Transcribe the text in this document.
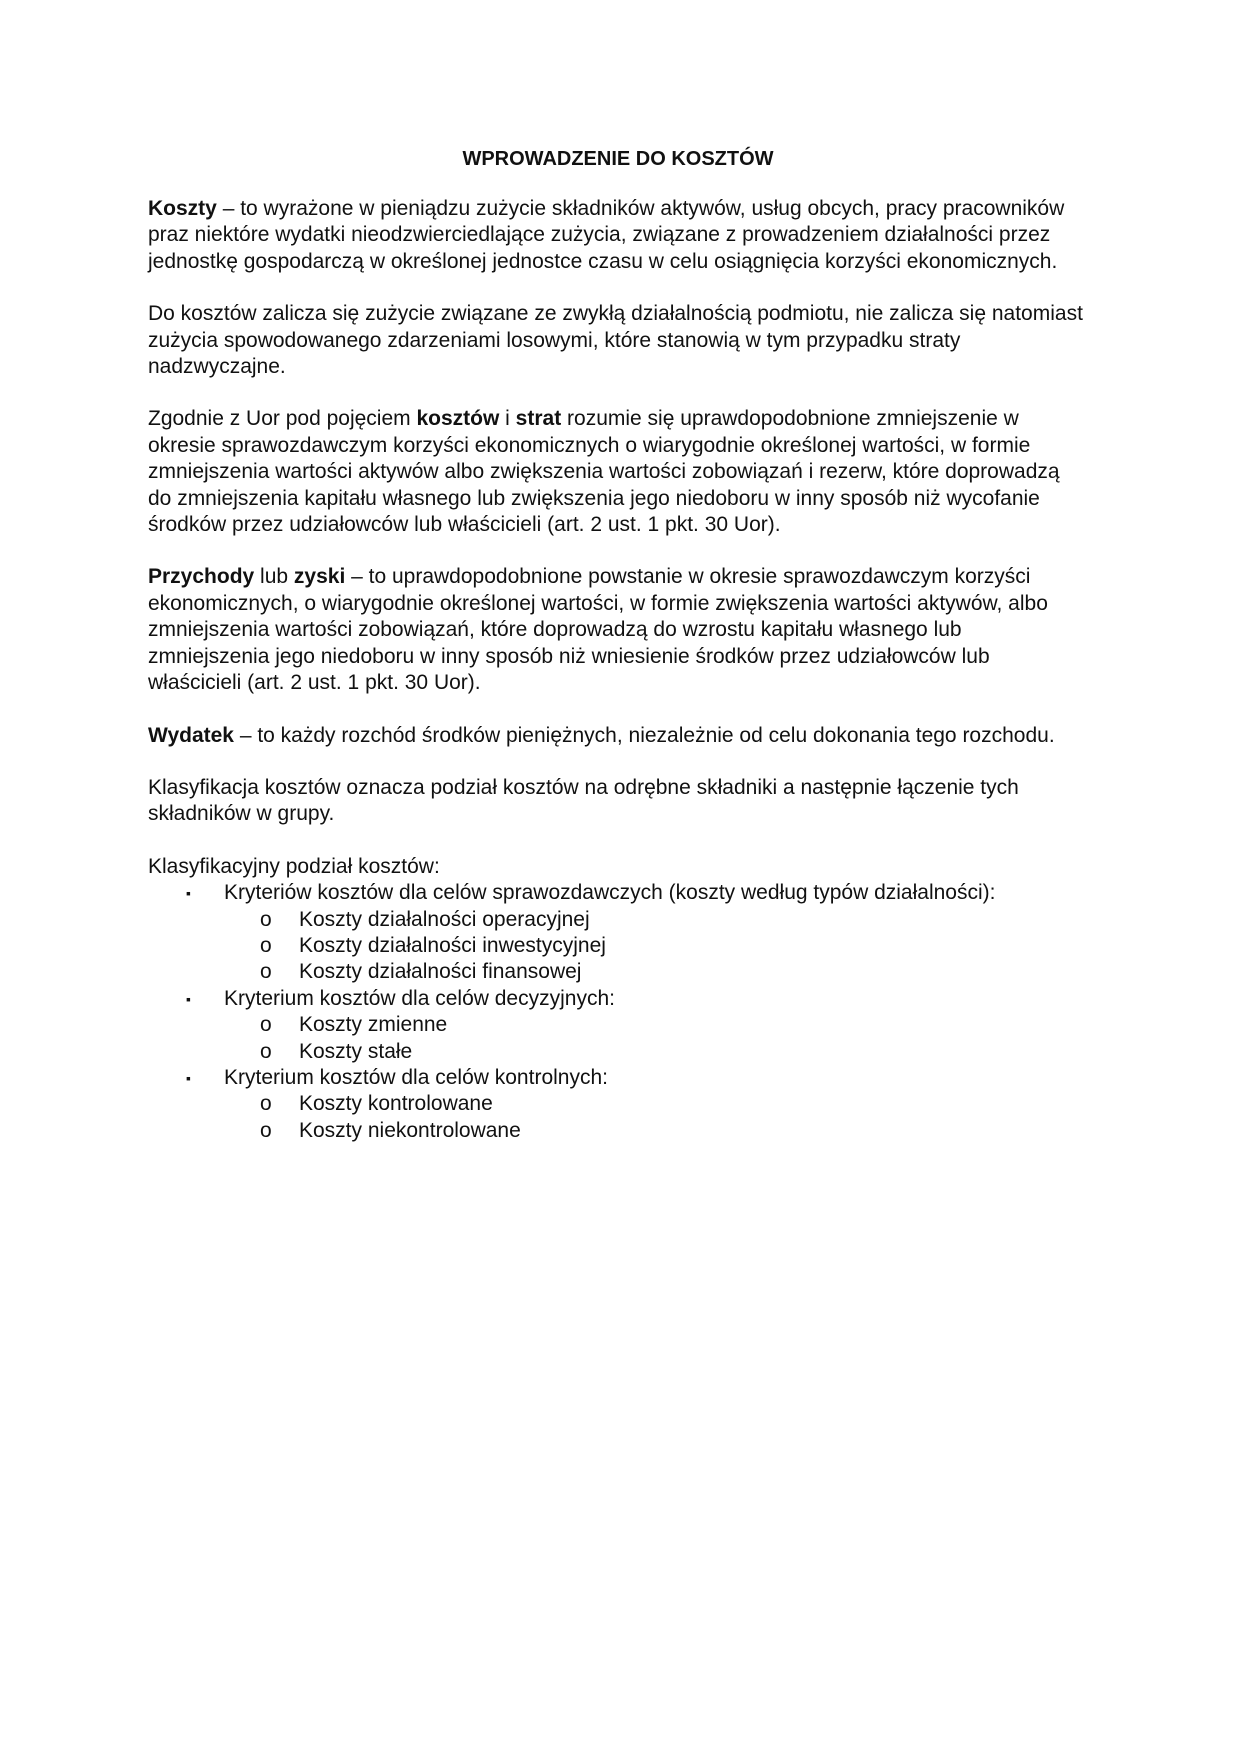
WPROWADZENIE DO KOSZTÓW

Koszty – to wyrażone w pieniądzu zużycie składników aktywów, usług obcych, pracy pracowników praz niektóre wydatki nieodzwierciedlające zużycia, związane z prowadzeniem działalności przez jednostkę gospodarczą w określonej jednostce czasu w celu osiągnięcia korzyści ekonomicznych.

Do kosztów zalicza się zużycie związane ze zwykłą działalnością podmiotu, nie zalicza się natomiast zużycia spowodowanego zdarzeniami losowymi, które stanowią w tym przypadku straty nadzwyczajne.

Zgodnie z Uor pod pojęciem kosztów i strat rozumie się uprawdopodobnione zmniejszenie w okresie sprawozdawczym korzyści ekonomicznych o wiarygodnie określonej wartości, w formie zmniejszenia wartości aktywów albo zwiększenia wartości zobowiązań i rezerw, które doprowadzą do zmniejszenia kapitału własnego lub zwiększenia jego niedoboru w inny sposób niż wycofanie środków przez udziałowców lub właścicieli (art. 2 ust. 1 pkt. 30 Uor).

Przychody lub zyski – to uprawdopodobnione powstanie w okresie sprawozdawczym korzyści ekonomicznych, o wiarygodnie określonej wartości, w formie zwiększenia wartości aktywów, albo zmniejszenia wartości zobowiązań, które doprowadzą do wzrostu kapitału własnego lub zmniejszenia jego niedoboru w inny sposób niż wniesienie środków przez udziałowców lub właścicieli (art. 2 ust. 1 pkt. 30 Uor).

Wydatek – to każdy rozchód środków pieniężnych, niezależnie od celu dokonania tego rozchodu.

Klasyfikacja kosztów oznacza podział kosztów na odrębne składniki a następnie łączenie tych składników w grupy.

Klasyfikacyjny podział kosztów:

▪ Kryteriów kosztów dla celów sprawozdawczych (koszty według typów działalności):
o Koszty działalności operacyjnej
o Koszty działalności inwestycyjnej
o Koszty działalności finansowej
▪ Kryterium kosztów dla celów decyzyjnych:
o Koszty zmienne
o Koszty stałe
▪ Kryterium kosztów dla celów kontrolnych:
o Koszty kontrolowane
o Koszty niekontrolowane
